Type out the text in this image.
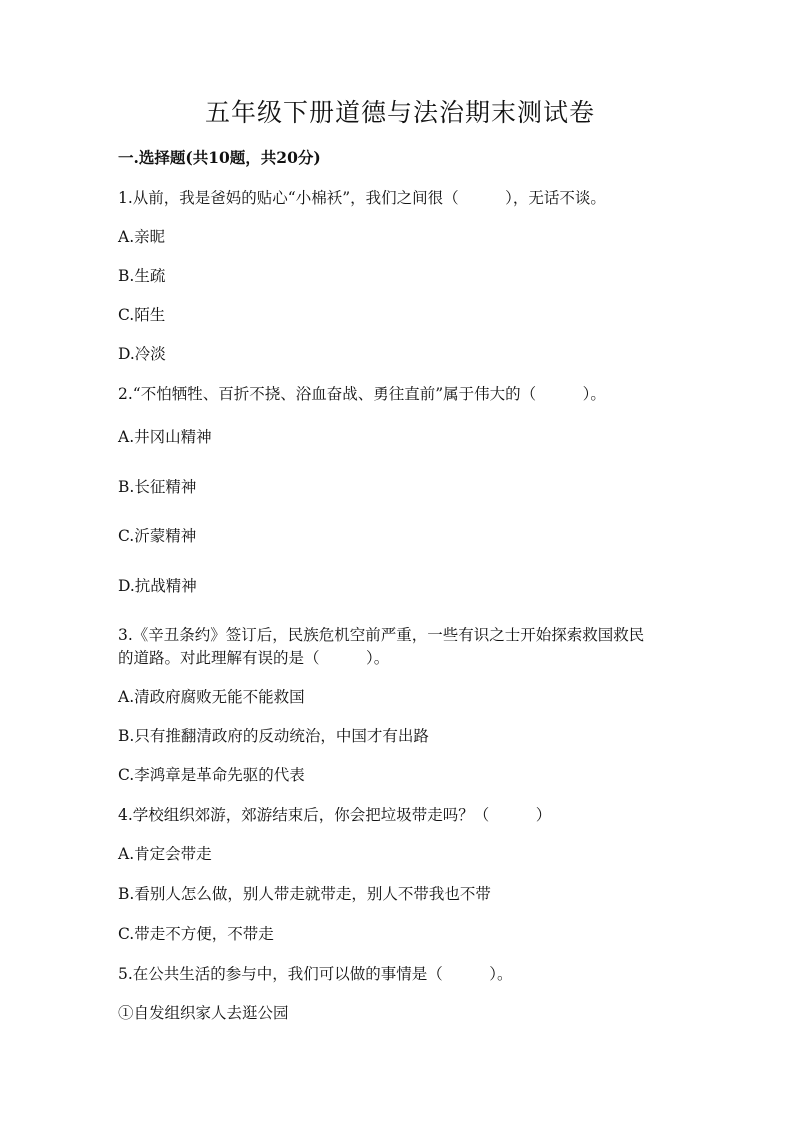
五年级下册道德与法治期末测试卷
一.选择题(共10题，共20分)
1.从前，我是爸妈的贴心“小棉袄”，我们之间很（　　　），无话不谈。
A.亲昵
B.生疏
C.陌生
D.冷淡
2.“不怕牺牲、百折不挠、浴血奋战、勇往直前”属于伟大的（　　　）。
A.井冈山精神
B.长征精神
C.沂蒙精神
D.抗战精神
3.《辛丑条约》签订后，民族危机空前严重，一些有识之士开始探索救国救民
的道路。对此理解有误的是（　　　）。
A.清政府腐败无能不能救国
B.只有推翻清政府的反动统治，中国才有出路
C.李鸿章是革命先驱的代表
4.学校组织郊游，郊游结束后，你会把垃圾带走吗？（　　　）
A.肯定会带走
B.看别人怎么做，别人带走就带走，别人不带我也不带
C.带走不方便，不带走
5.在公共生活的参与中，我们可以做的事情是（　　　）。
①自发组织家人去逛公园
